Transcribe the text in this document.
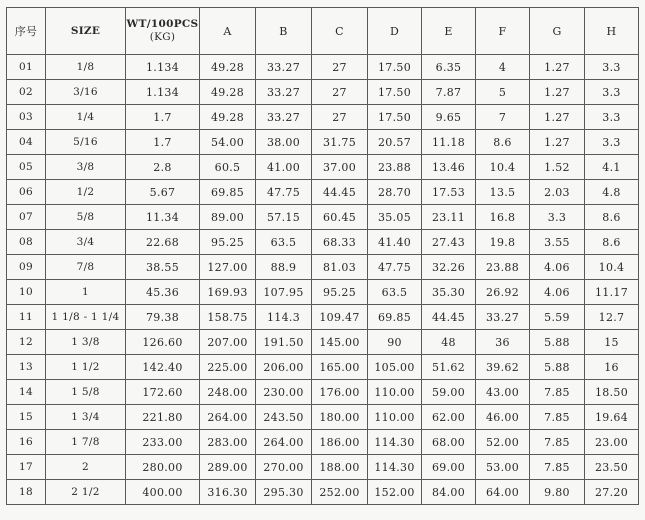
序号	SIZE	WT/100PCS
(KG)	A	B	C	D	E	F	G	H
01	1/8	1.134	49.28	33.27	27	17.50	6.35	4	1.27	3.3
02	3/16	1.134	49.28	33.27	27	17.50	7.87	5	1.27	3.3
03	1/4	1.7	49.28	33.27	27	17.50	9.65	7	1.27	3.3
04	5/16	1.7	54.00	38.00	31.75	20.57	11.18	8.6	1.27	3.3
05	3/8	2.8	60.5	41.00	37.00	23.88	13.46	10.4	1.52	4.1
06	1/2	5.67	69.85	47.75	44.45	28.70	17.53	13.5	2.03	4.8
07	5/8	11.34	89.00	57.15	60.45	35.05	23.11	16.8	3.3	8.6
08	3/4	22.68	95.25	63.5	68.33	41.40	27.43	19.8	3.55	8.6
09	7/8	38.55	127.00	88.9	81.03	47.75	32.26	23.88	4.06	10.4
10	1	45.36	169.93	107.95	95.25	63.5	35.30	26.92	4.06	11.17
11	1 1/8 - 1 1/4	79.38	158.75	114.3	109.47	69.85	44.45	33.27	5.59	12.7
12	1 3/8	126.60	207.00	191.50	145.00	90	48	36	5.88	15
13	1 1/2	142.40	225.00	206.00	165.00	105.00	51.62	39.62	5.88	16
14	1 5/8	172.60	248.00	230.00	176.00	110.00	59.00	43.00	7.85	18.50
15	1 3/4	221.80	264.00	243.50	180.00	110.00	62.00	46.00	7.85	19.64
16	1 7/8	233.00	283.00	264.00	186.00	114.30	68.00	52.00	7.85	23.00
17	2	280.00	289.00	270.00	188.00	114.30	69.00	53.00	7.85	23.50
18	2 1/2	400.00	316.30	295.30	252.00	152.00	84.00	64.00	9.80	27.20
